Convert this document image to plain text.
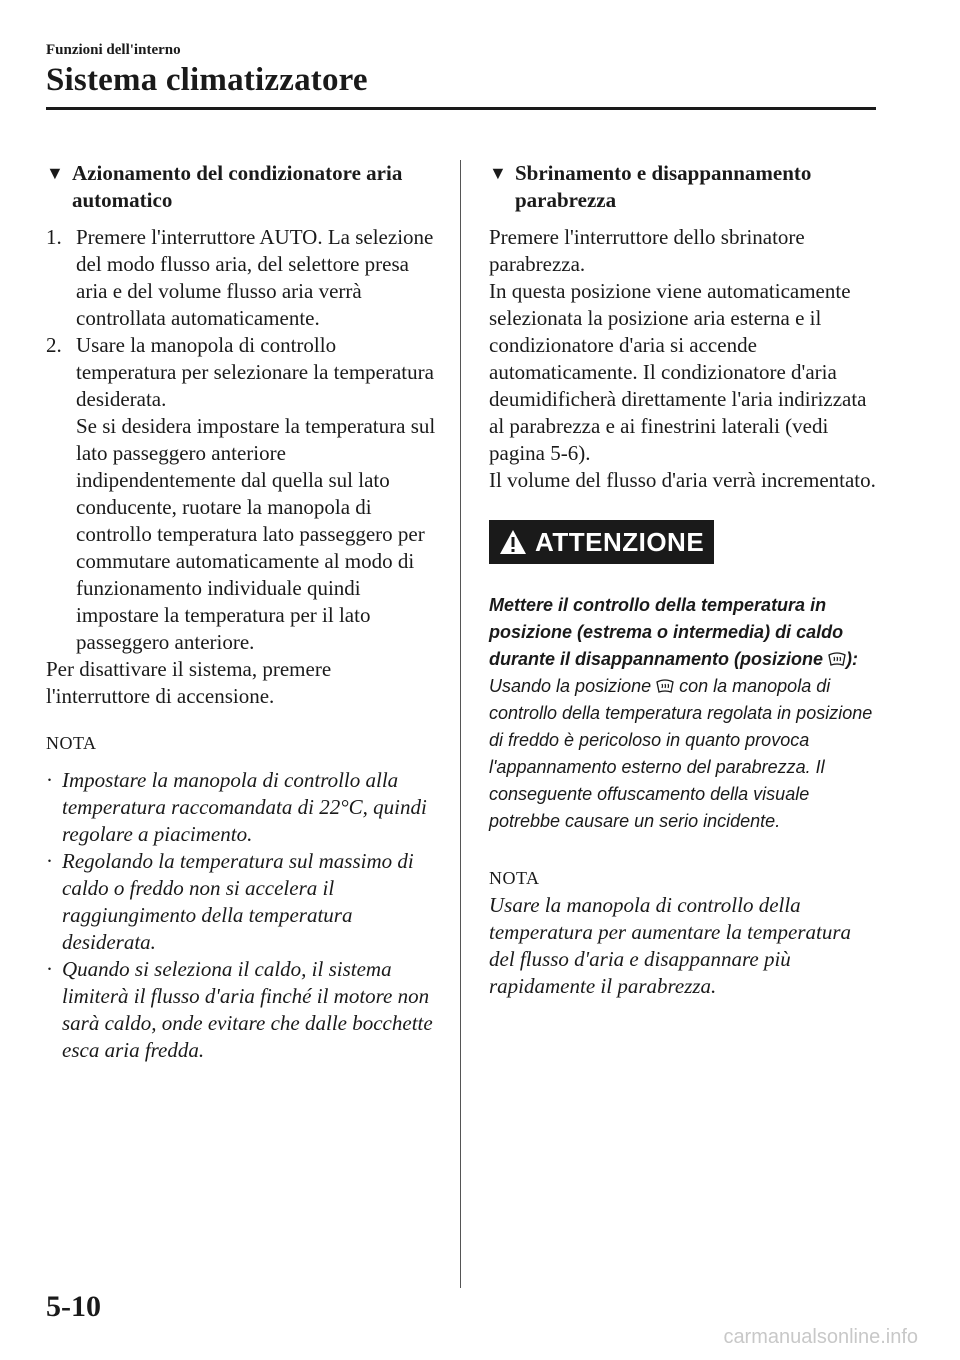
Funzioni dell'interno
Sistema climatizzatore
▼ Azionamento del condizionatore aria automatico
1. Premere l'interruttore AUTO. La selezione del modo flusso aria, del selettore presa aria e del volume flusso aria verrà controllata automaticamente.
2. Usare la manopola di controllo temperatura per selezionare la temperatura desiderata.
Se si desidera impostare la temperatura sul lato passeggero anteriore indipendentemente dal quella sul lato conducente, ruotare la manopola di controllo temperatura lato passeggero per commutare automaticamente al modo di funzionamento individuale quindi impostare la temperatura per il lato passeggero anteriore.

Per disattivare il sistema, premere l'interruttore di accensione.

NOTA
· Impostare la manopola di controllo alla temperatura raccomandata di 22°C, quindi regolare a piacimento.
· Regolando la temperatura sul massimo di caldo o freddo non si accelera il raggiungimento della temperatura desiderata.
· Quando si seleziona il caldo, il sistema limiterà il flusso d'aria finché il motore non sarà caldo, onde evitare che dalle bocchette esca aria fredda.
▼ Sbrinamento e disappannamento parabrezza

Premere l'interruttore dello sbrinatore parabrezza.

In questa posizione viene automaticamente selezionata la posizione aria esterna e il condizionatore d'aria si accende automaticamente. Il condizionatore d'aria deumidificherà direttamente l'aria indirizzata al parabrezza e ai finestrini laterali (vedi pagina 5-6).

Il volume del flusso d'aria verrà incrementato.

ATTENZIONE
Mettere il controllo della temperatura in posizione (estrema o intermedia) di caldo durante il disappannamento (posizione ):
Usando la posizione  con la manopola di controllo della temperatura regolata in posizione di freddo è pericoloso in quanto provoca l'appannamento esterno del parabrezza. Il conseguente offuscamento della visuale potrebbe causare un serio incidente.
NOTA
Usare la manopola di controllo della temperatura per aumentare la temperatura del flusso d'aria e disappannare più rapidamente il parabrezza.
5-10
carmanualsonline.info
